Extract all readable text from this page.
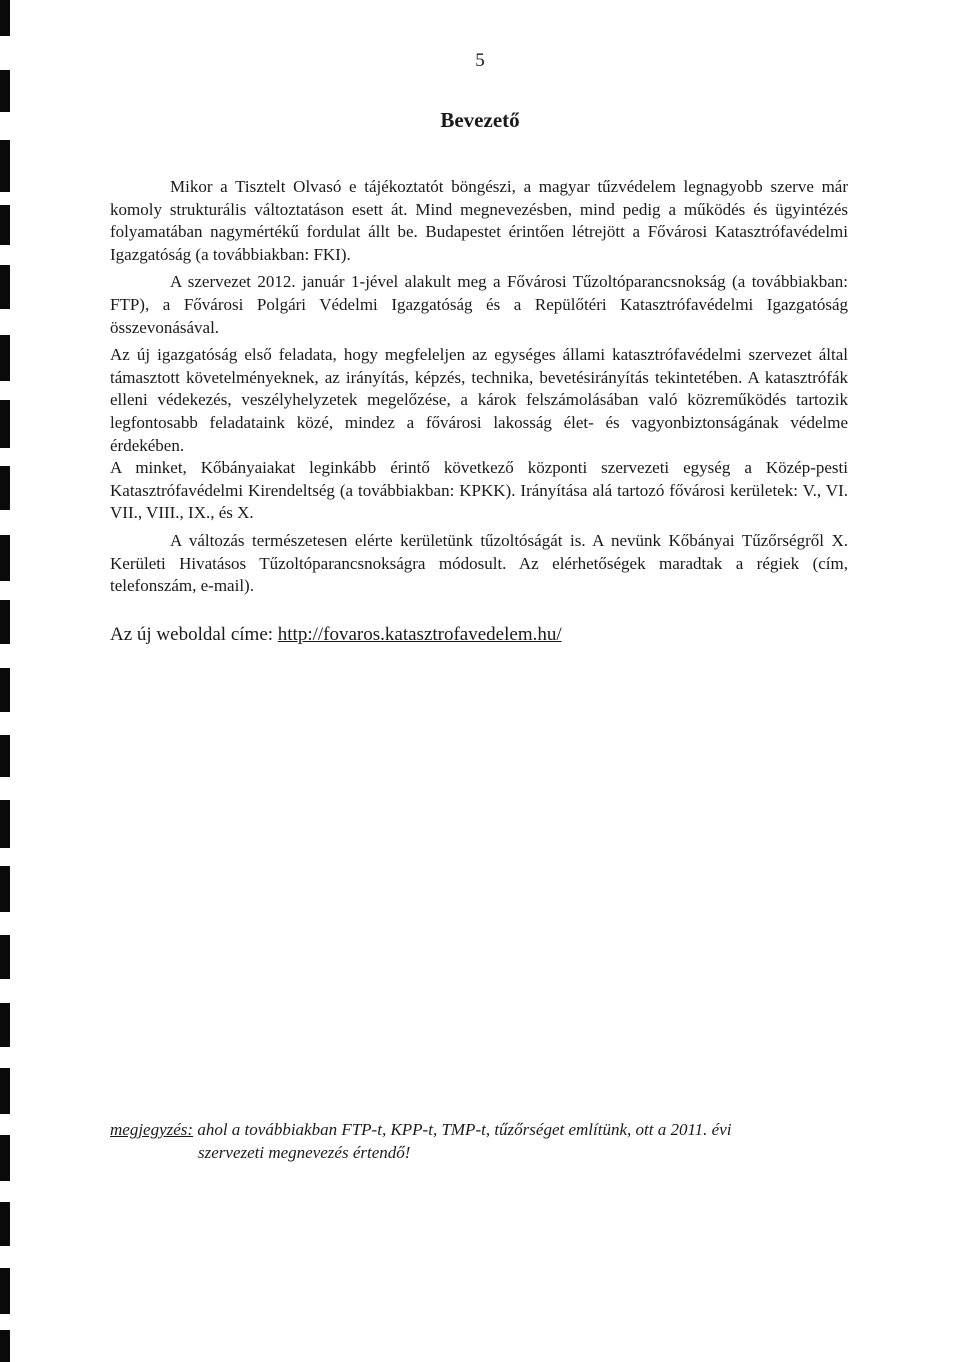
5
Bevezető

Mikor a Tisztelt Olvasó e tájékoztatót böngészi, a magyar tűzvédelem legnagyobb szerve már komoly strukturális változtatáson esett át. Mind megnevezésben, mind pedig a működés és ügyintézés folyamatában nagymértékű fordulat állt be. Budapestet érintően létrejött a Fővárosi Katasztrófavédelmi Igazgatóság (a továbbiakban: FKI).

A szervezet 2012. január 1-jével alakult meg a Fővárosi Tűzoltóparancsnokság (a továbbiakban: FTP), a Fővárosi Polgári Védelmi Igazgatóság és a Repülőtéri Katasztrófavédelmi Igazgatóság összevonásával.

Az új igazgatóság első feladata, hogy megfeleljen az egységes állami katasztrófavédelmi szervezet által támasztott követelményeknek, az irányítás, képzés, technika, bevetésirányítás tekintetében. A katasztrófák elleni védekezés, veszélyhelyzetek megelőzése, a károk felszámolásában való közreműködés tartozik legfontosabb feladataink közé, mindez a fővárosi lakosság élet- és vagyonbiztonságának védelme érdekében.

A minket, Kőbányaiakat leginkább érintő következő központi szervezeti egység a Közép-pesti Katasztrófavédelmi Kirendeltség (a továbbiakban: KPKK). Irányítása alá tartozó fővárosi kerületek: V., VI. VII., VIII., IX., és X.

A változás természetesen elérte kerületünk tűzoltóságát is. A nevünk Kőbányai Tűzőrségről X. Kerületi Hivatásos Tűzoltóparancsnokságra módosult. Az elérhetőségek maradtak a régiek (cím, telefonszám, e-mail).

Az új weboldal címe: http://fovaros.katasztrofavedelem.hu/

megjegyzés: ahol a továbbiakban FTP-t, KPP-t, TMP-t, tűzőrséget említünk, ott a 2011. évi
szervezeti megnevezés értendő!
